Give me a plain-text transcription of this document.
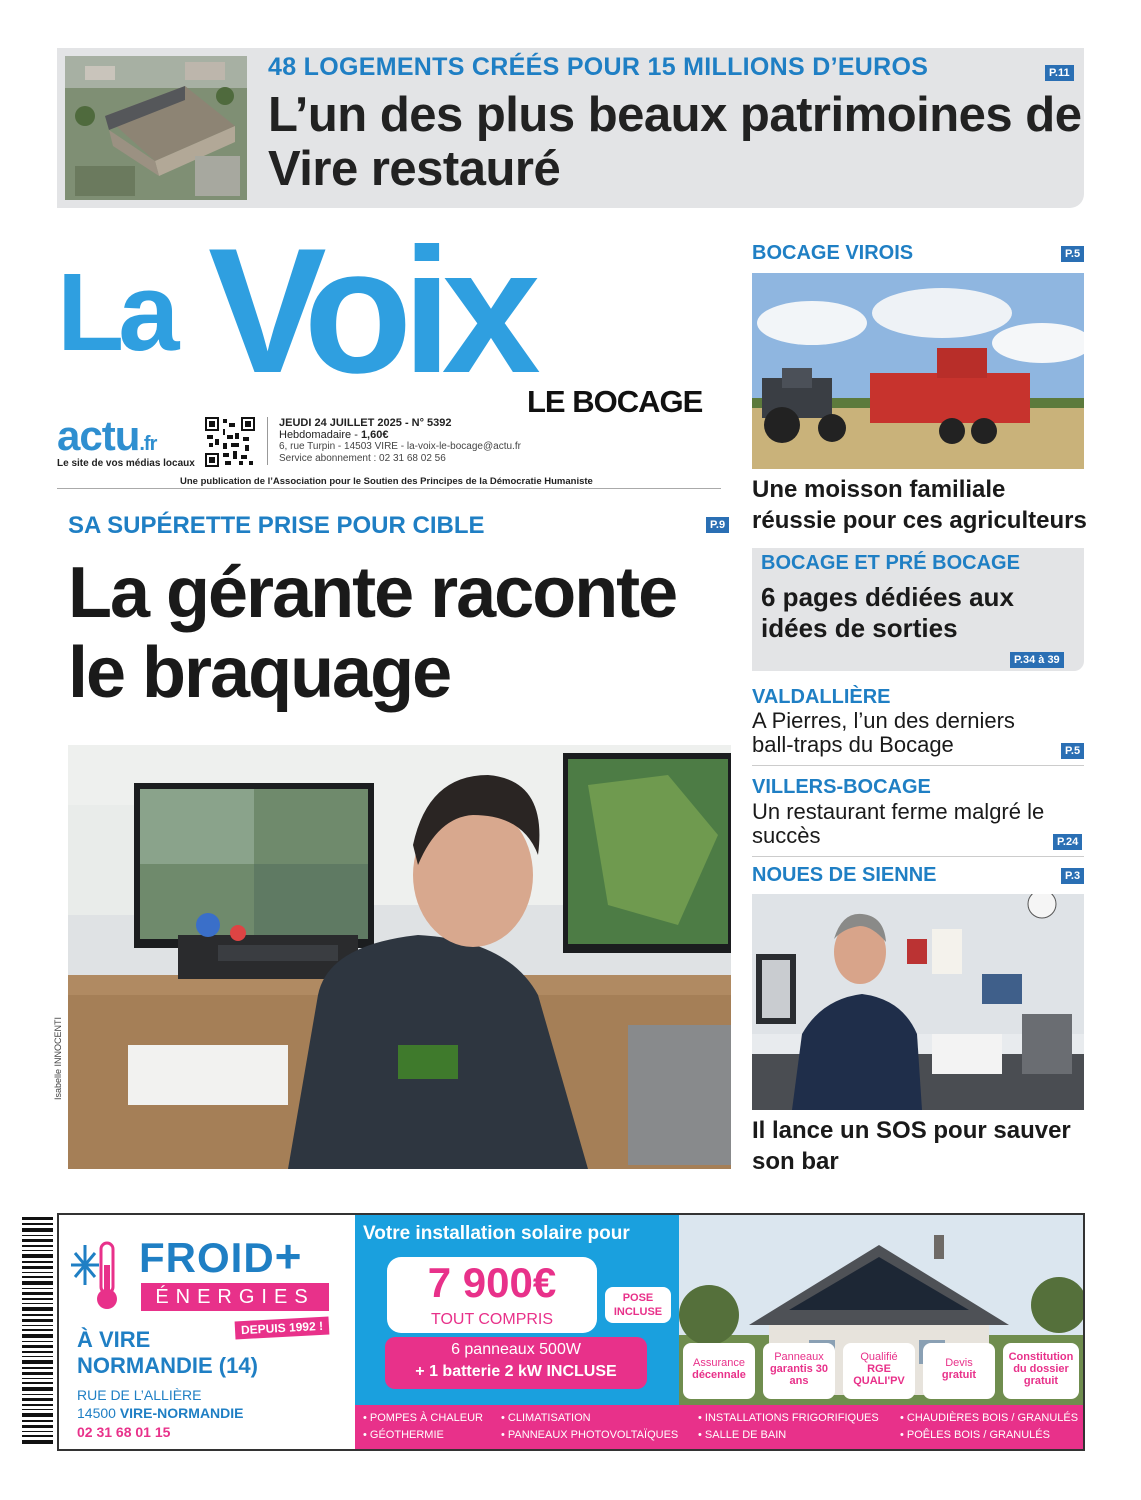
P.11
48 LOGEMENTS CRÉÉS POUR 15 MILLIONS D’EUROS
L’un des plus beaux patrimoines de Vire restauré
La Voix
LE BOCAGE
actu.fr
Le site de vos médias locaux
JEUDI 24 JUILLET 2025 - N° 5392
Hebdomadaire - 1,60€
6, rue Turpin - 14503 VIRE - la-voix-le-bocage@actu.fr
Service abonnement : 02 31 68 02 56
Une publication de l’Association pour le Soutien des Principes de la Démocratie Humaniste
SA SUPÉRETTE PRISE POUR CIBLE	P.9
La gérante raconte le braquage
Isabelle INNOCENTI
BOCAGE VIROIS	P.5
Une moisson familiale réussie pour ces agriculteurs
P.34 à 39
BOCAGE ET PRÉ BOCAGE
6 pages dédiées aux idées de sorties
VALDALLIÈRE
A Pierres, l’un des derniers ball-traps du Bocage	P.5
VILLERS-BOCAGE
Un restaurant ferme malgré le succès	P.24
NOUES DE SIENNE	P.3
Il lance un SOS pour sauver son bar
FROID+
ÉNERGIES
DEPUIS 1992 !
À VIRE
NORMANDIE (14)
RUE DE L’ALLIÈRE
14500 VIRE-NORMANDIE
02 31 68 01 15
Votre installation solaire pour
7 900€
TOUT COMPRIS
POSE
INCLUSE
6 panneaux 500W
+ 1 batterie 2 kW INCLUSE	Assurance
décennale
Panneaux
garantis 30 ans
Qualifié
RGE QUALI'PV
Devis
gratuit
Constitution
du dossier gratuit
• POMPES À CHALEUR
• GÉOTHERMIE
• CLIMATISATION
• PANNEAUX PHOTOVOLTAÏQUES
• INSTALLATIONS FRIGORIFIQUES
• SALLE DE BAIN
• CHAUDIÈRES BOIS / GRANULÉS
• POÊLES BOIS / GRANULÉS
